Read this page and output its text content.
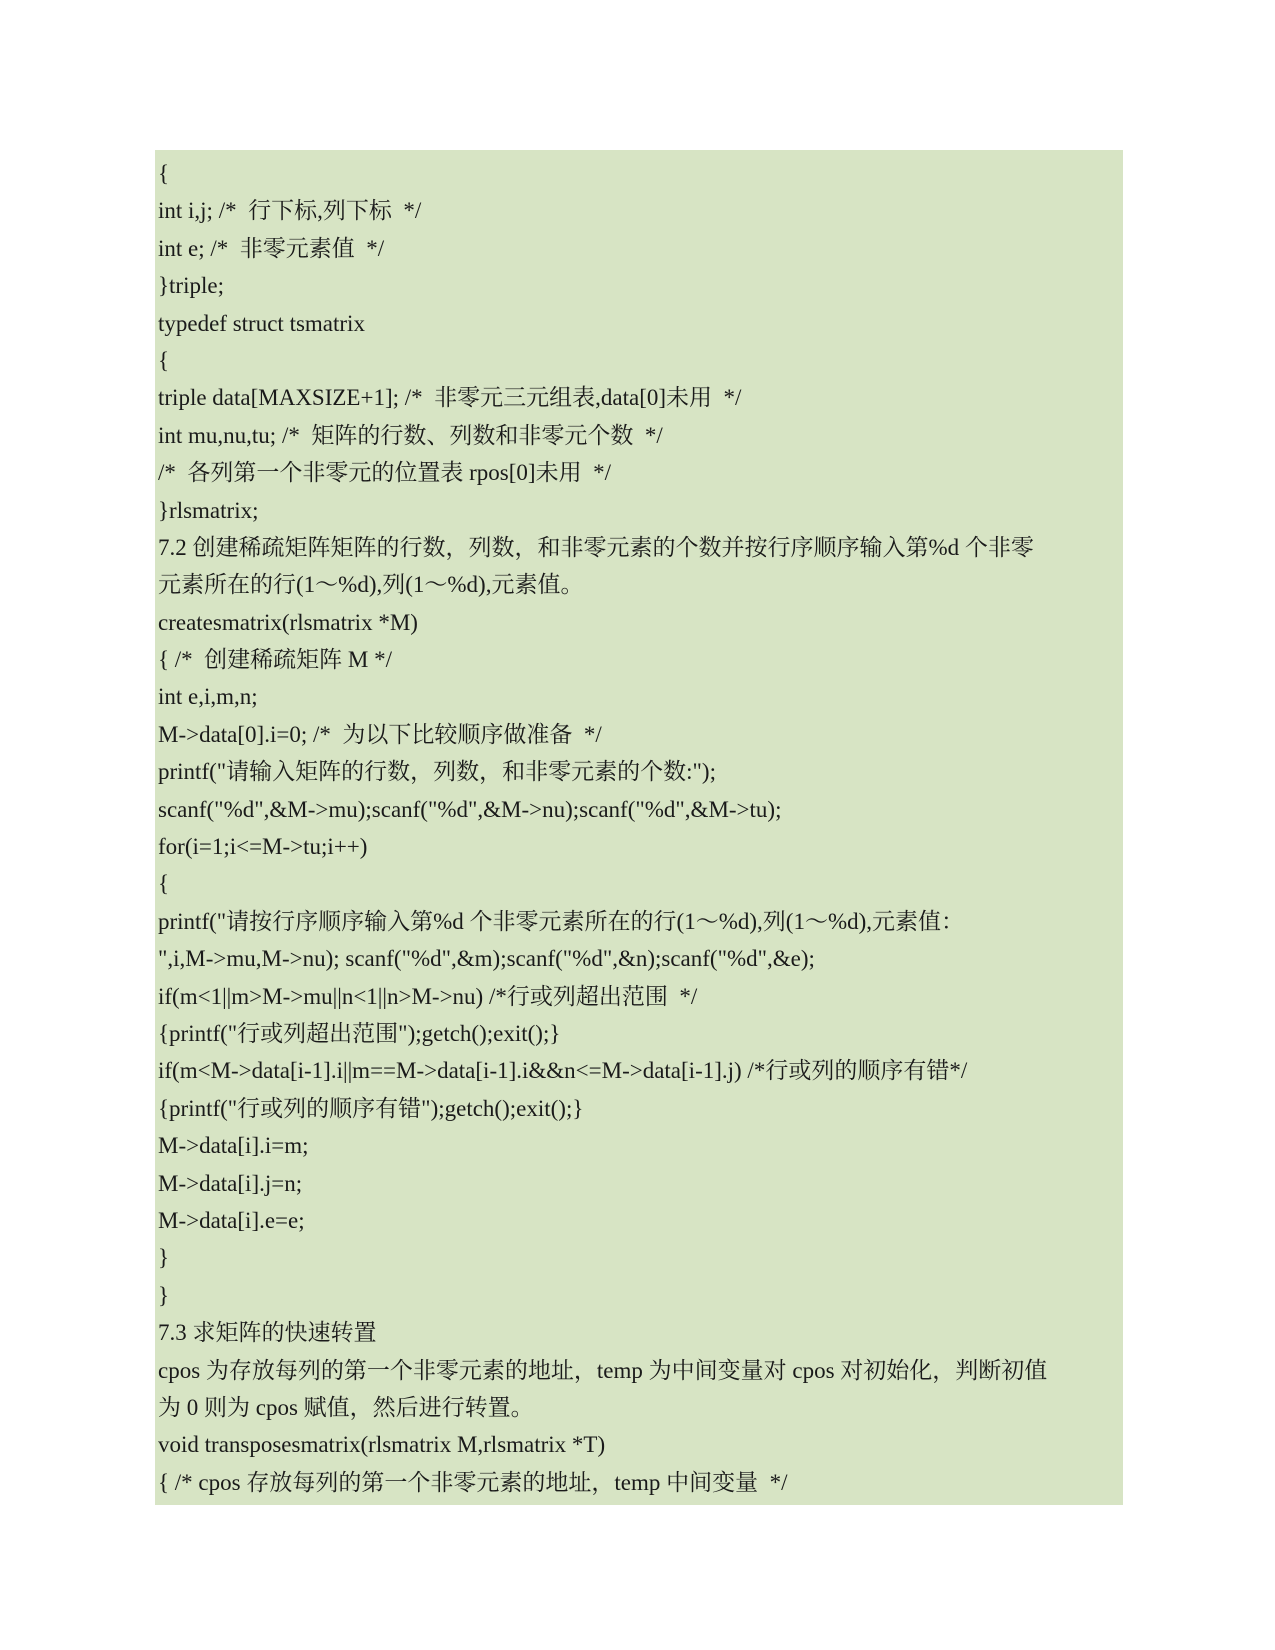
{
int i,j; /*  行下标,列下标  */
int e; /*  非零元素值  */
}triple;
typedef struct tsmatrix
{
triple data[MAXSIZE+1]; /*  非零元三元组表,data[0]未用  */
int mu,nu,tu; /*  矩阵的行数、列数和非零元个数  */
/*  各列第一个非零元的位置表 rpos[0]未用  */
}rlsmatrix;
7.2 创建稀疏矩阵矩阵的行数，列数，和非零元素的个数并按行序顺序输入第%d 个非零
元素所在的行(1～%d),列(1～%d),元素值。
createsmatrix(rlsmatrix *M)
{ /*  创建稀疏矩阵 M */
int e,i,m,n;
M->data[0].i=0; /*  为以下比较顺序做准备  */
printf("请输入矩阵的行数，列数，和非零元素的个数:");
scanf("%d",&M->mu);scanf("%d",&M->nu);scanf("%d",&M->tu);
for(i=1;i<=M->tu;i++)
{
printf("请按行序顺序输入第%d 个非零元素所在的行(1～%d),列(1～%d),元素值：
",i,M->mu,M->nu); scanf("%d",&m);scanf("%d",&n);scanf("%d",&e);
if(m<1||m>M->mu||n<1||n>M->nu) /*行或列超出范围  */
{printf("行或列超出范围");getch();exit();}
if(m<M->data[i-1].i||m==M->data[i-1].i&&n<=M->data[i-1].j) /*行或列的顺序有错*/
{printf("行或列的顺序有错");getch();exit();}
M->data[i].i=m;
M->data[i].j=n;
M->data[i].e=e;
}
}
7.3 求矩阵的快速转置
cpos 为存放每列的第一个非零元素的地址，temp 为中间变量对 cpos 对初始化，判断初值
为 0 则为 cpos 赋值，然后进行转置。
void transposesmatrix(rlsmatrix M,rlsmatrix *T)
{ /* cpos 存放每列的第一个非零元素的地址，temp 中间变量  */
